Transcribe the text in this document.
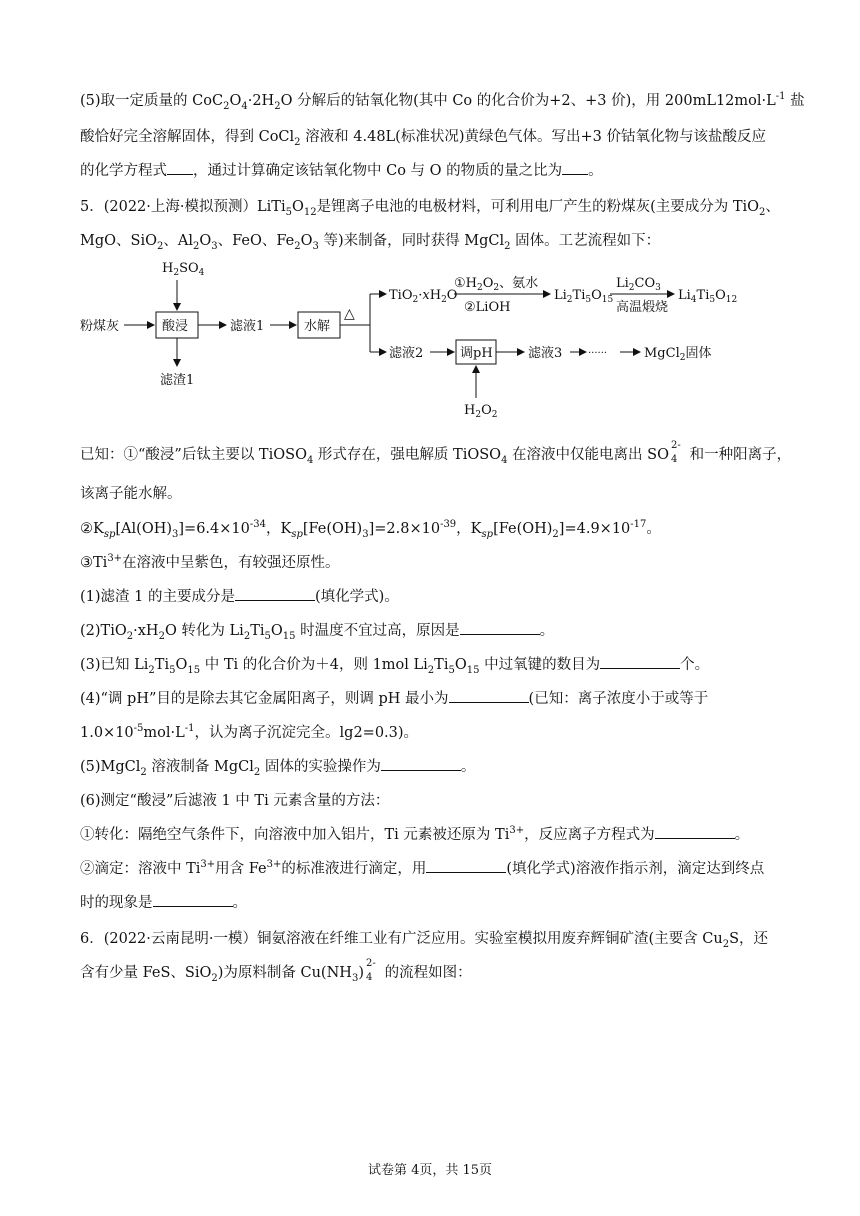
(5)取一定质量的 $CoC_2O_4\cdot 2H_2O$ 分解后的钴氧化物(其中 Co 的化合价为+2、+3 价)，用 $200mL12mol\cdot L^{-1}$ 盐
酸恰好完全溶解固体，得到 CoCl$_2$ 溶液和 4.48L(标准状况)黄绿色气体。写出+3 价钴氧化物与该盐酸反应
的化学方程式 ，通过计算确定该钴氧化物中 Co 与 O 的物质的量之比为 。
5．(2022·上海·模拟预测）$LiTi_5O_{12}$是锂离子电池的电极材料，可利用电厂产生的粉煤灰(主要成分为 TiO$_2$、
MgO、SiO$_2$、$Al_2O_3$、FeO、$Fe_2O_3$ 等)来制备，同时获得 MgCl$_2$ 固体。工艺流程如下：
$H_2SO_4$
粉煤灰	酸浸
滤渣1
滤液1	水解
△
$TiO_2\cdot xH_2O$
$①H_2O_2$、氨水
②LiOH
$Li_2Ti_5O_{15}$
$Li_2CO_3$
高温煅烧
$Li_4Ti_5O_{12}$
滤液2	调pH
$H_2O_2$
滤液3	······	MgCl$_2$固体
已知：①“酸浸”后钛主要以 TiOSO$_4$ 形式存在，强电解质 TiOSO$_4$ 在溶液中仅能电离出 SO
2-
4 和一种阳离子，
该离子能水解。
$②K_{sp}[Al(OH)_3]=6.4\times 10^{-34}$，$K_{sp}[Fe(OH)_3]=2.8\times 10^{-39}$，$K_{sp}[Fe(OH)_2]=4.9\times 10^{-17}$。
$③Ti^{3+}$在溶液中呈紫色，有较强还原性。
(1)滤渣 1 的主要成分是	(填化学式)。
$(2)TiO_2\cdot xH_2O$ 转化为 $Li_2Ti_5O_{15}$ 时温度不宜过高，原因是	。
(3)已知 $Li_2Ti_5O_{15}$ 中 Ti 的化合价为＋4，则 1mol $Li_2Ti_5O_{15}$ 中过氧键的数目为	个。
(4)“调 pH”目的是除去其它金属阳离子，则调 pH 最小为	(已知：离子浓度小于或等于
$1.0\times 10^{-5}mol\cdot L^{-1}$，认为离子沉淀完全。lg2=0.3)。
(5)MgCl$_2$ 溶液制备 MgCl$_2$ 固体的实验操作为	。
(6)测定“酸浸”后滤液 1 中 Ti 元素含量的方法：
①转化：隔绝空气条件下，向溶液中加入铝片，Ti 元素被还原为 $Ti^{3+}$，反应离子方程式为	。
②滴定：溶液中 $Ti^{3+}$用含 $Fe^{3+}$的标准液进行滴定，用	(填化学式)溶液作指示剂，滴定达到终点
时的现象是	。
6．(2022·云南昆明·一模）铜氨溶液在纤维工业有广泛应用。实验室模拟用废弃辉铜矿渣(主要含 $Cu_2S$，还
含有少量 FeS、SiO$_2$)为原料制备 $Cu(NH_3)$
2-
4 的流程如图：
试卷第 4页，共 15页
